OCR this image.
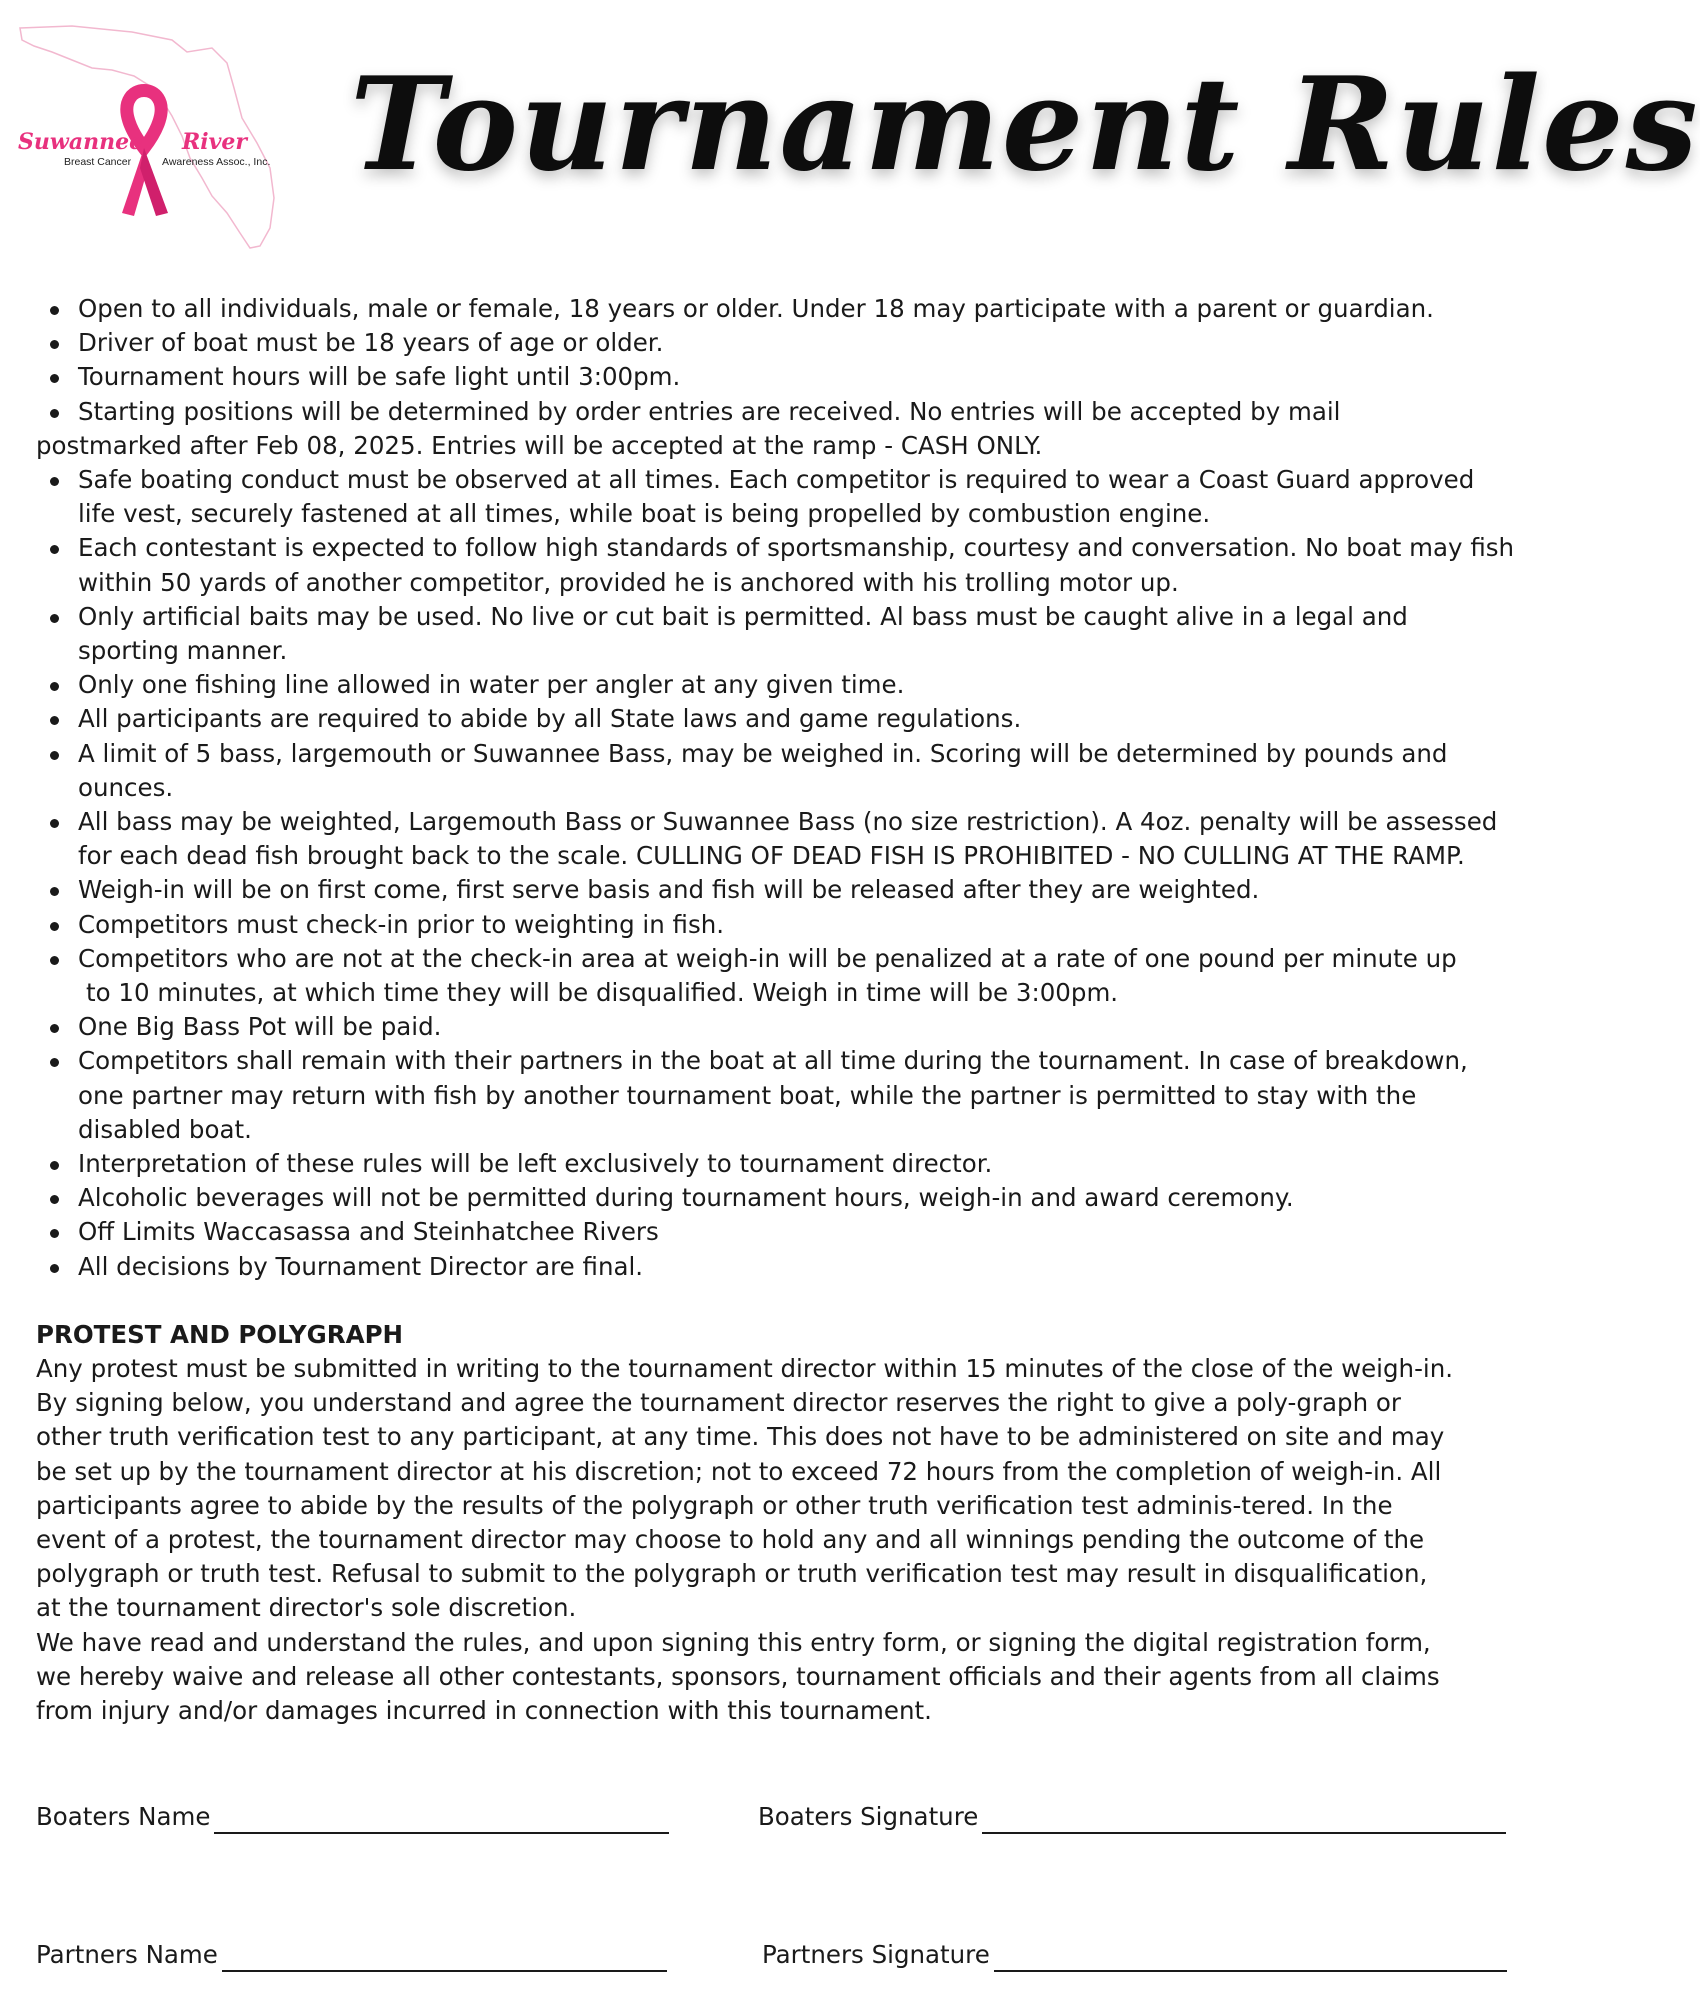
Suwannee River
Breast Cancer	Awareness Assoc., Inc. Tournament Rules
Open to all individuals, male or female, 18 years or older. Under 18 may participate with a parent or guardian.
Driver of boat must be 18 years of age or older.
Tournament hours will be safe light until 3:00pm.
Starting positions will be determined by order entries are received. No entries will be accepted by mail
postmarked after Feb 08, 2025. Entries will be accepted at the ramp - CASH ONLY.
Safe boating conduct must be observed at all times. Each competitor is required to wear a Coast Guard approved life vest, securely fastened at all times, while boat is being propelled by combustion engine.
Each contestant is expected to follow high standards of sportsmanship, courtesy and conversation. No boat may fish within 50 yards of another competitor, provided he is anchored with his trolling motor up.
Only artificial baits may be used. No live or cut bait is permitted. Al bass must be caught alive in a legal and sporting manner.
Only one fishing line allowed in water per angler at any given time.
All participants are required to abide by all State laws and game regulations.
A limit of 5 bass, largemouth or Suwannee Bass, may be weighed in. Scoring will be determined by pounds and ounces.
All bass may be weighted, Largemouth Bass or Suwannee Bass (no size restriction). A 4oz. penalty will be assessed for each dead fish brought back to the scale. CULLING OF DEAD FISH IS PROHIBITED - NO CULLING AT THE RAMP.
Weigh-in will be on first come, first serve basis and fish will be released after they are weighted.
Competitors must check-in prior to weighting in fish.
Competitors who are not at the check-in area at weigh-in will be penalized at a rate of one pound per minute up
to 10 minutes, at which time they will be disqualified. Weigh in time will be 3:00pm.
One Big Bass Pot will be paid.
Competitors shall remain with their partners in the boat at all time during the tournament. In case of breakdown, one partner may return with fish by another tournament boat, while the partner is permitted to stay with the disabled boat.
Interpretation of these rules will be left exclusively to tournament director.
Alcoholic beverages will not be permitted during tournament hours, weigh-in and award ceremony.
Off Limits Waccasassa and Steinhatchee Rivers
All decisions by Tournament Director are final.
PROTEST AND POLYGRAPH
Any protest must be submitted in writing to the tournament director within 15 minutes of the close of the weigh-in. By signing below, you understand and agree the tournament director reserves the right to give a poly-graph or other truth verification test to any participant, at any time. This does not have to be administered on site and may be set up by the tournament director at his discretion; not to exceed 72 hours from the completion of weigh-in. All participants agree to abide by the results of the polygraph or other truth verification test adminis-tered. In the event of a protest, the tournament director may choose to hold any and all winnings pending the outcome of the polygraph or truth test. Refusal to submit to the polygraph or truth verification test may result in disqualification, at the tournament director's sole discretion.
We have read and understand the rules, and upon signing this entry form, or signing the digital registration form, we hereby waive and release all other contestants, sponsors, tournament officials and their agents from all claims from injury and/or damages incurred in connection with this tournament.
Boaters Name	Boaters Signature
Partners Name	Partners Signature
